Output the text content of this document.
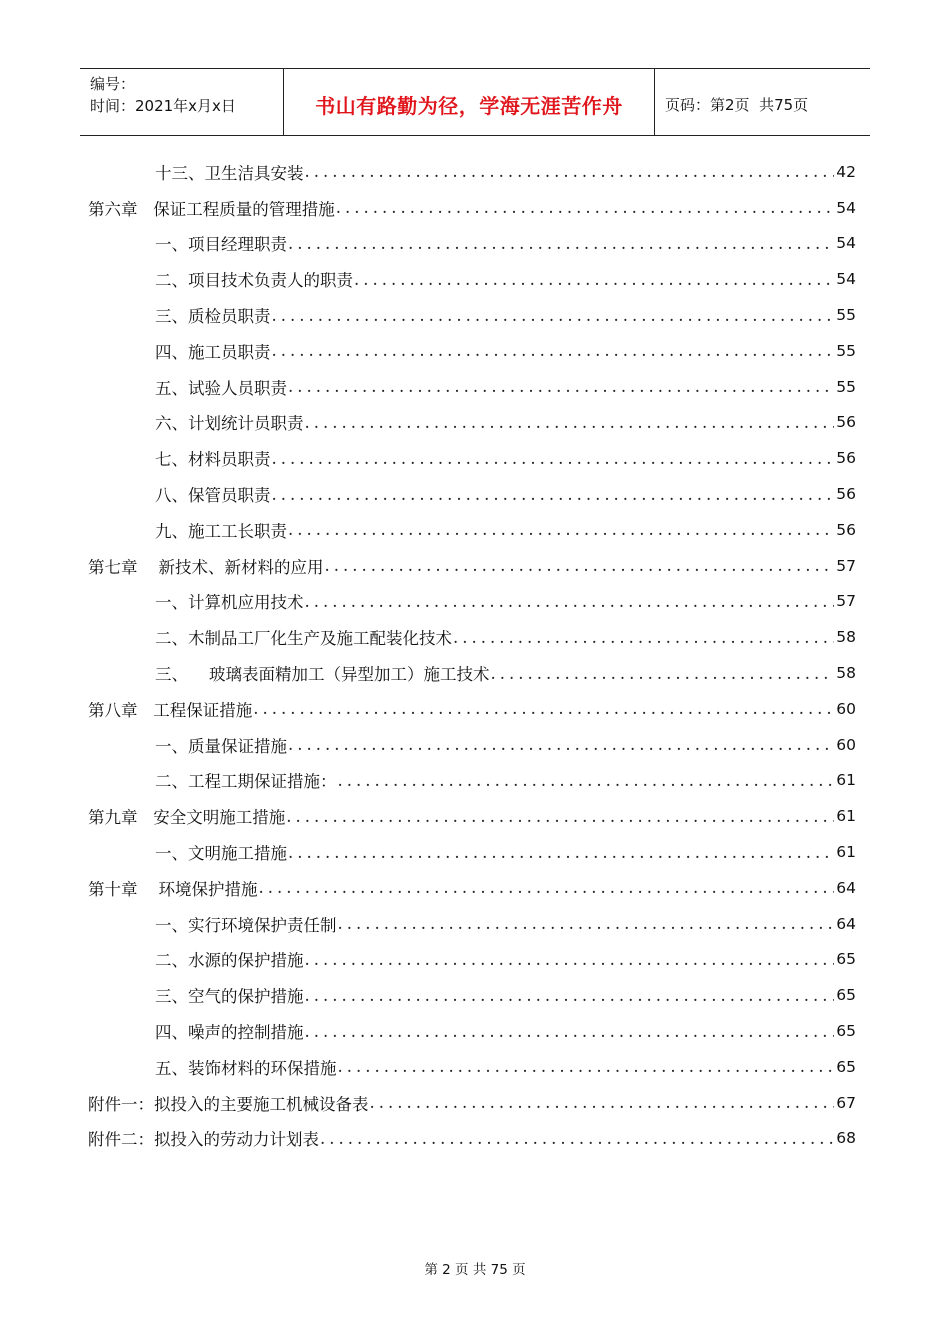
编号：
时间：2021年x月x日	书山有路勤为径，学海无涯苦作舟	页码：第2页  共75页
十三、卫生洁具安装 .....	42
第六章   保证工程质量的管理措施 .....	54
一、项目经理职责 .....	54
二、项目技术负责人的职责 .....	54
三、质检员职责 .....	55
四、施工员职责 .....	55
五、试验人员职责 .....	55
六、计划统计员职责 .....	56
七、材料员职责 .....	56
八、保管员职责 .....	56
九、施工工长职责 .....	56
第七章    新技术、新材料的应用 .....	57
一、计算机应用技术 .....	57
二、木制品工厂化生产及施工配装化技术 .....	58
三、    玻璃表面精加工（异型加工）施工技术 .....	58
第八章   工程保证措施 .....	60
一、质量保证措施 .....	60
二、工程工期保证措施： .....	61
第九章   安全文明施工措施 .....	61
一、文明施工措施 .....	61
第十章    环境保护措施 .....	64
一、实行环境保护责任制 .....	64
二、水源的保护措施 .....	65
三、空气的保护措施 .....	65
四、噪声的控制措施 .....	65
五、装饰材料的环保措施 .....	65
附件一：拟投入的主要施工机械设备表 .....	67
附件二：拟投入的劳动力计划表 .....	68
第 2 页 共 75 页
